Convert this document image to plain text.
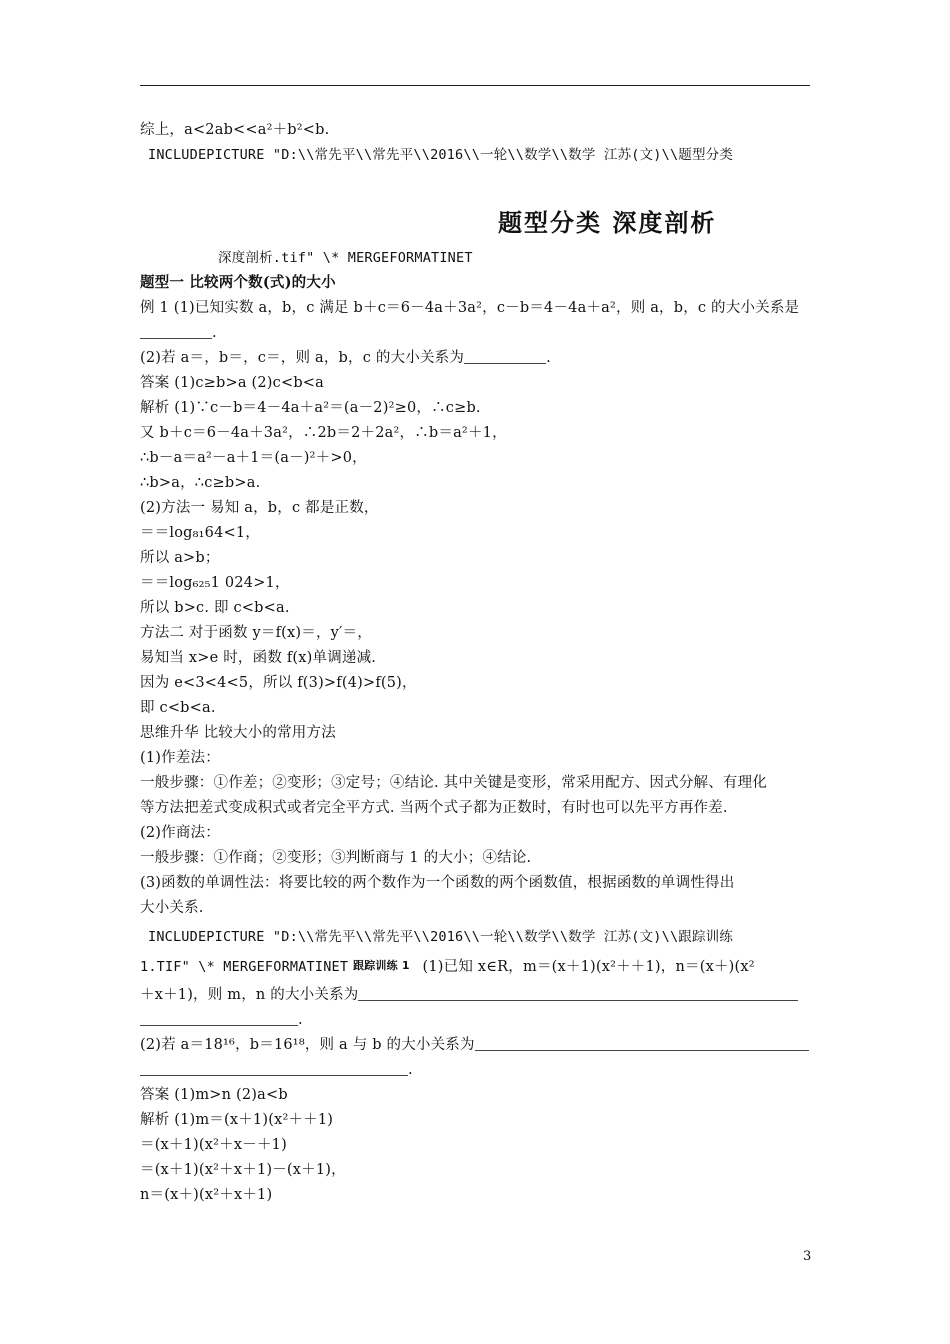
综上，a<2ab<<a²＋b²<b.
INCLUDEPICTURE "D:\\常先平\\常先平\\2016\\一轮\\数学\\数学 江苏(文)\\题型分类
题型分类 深度剖析
深度剖析.tif" \* MERGEFORMATINET
题型一 比较两个数(式)的大小
例 1 (1)已知实数 a，b，c 满足 b＋c＝6－4a＋3a²，c－b＝4－4a＋a²，则 a，b，c 的大小关系是
.
(2)若 a＝，b＝，c＝，则 a，b，c 的大小关系为	.
答案 (1)c≥b>a (2)c<b<a
解析 (1)∵c－b＝4－4a＋a²＝(a－2)²≥0，∴c≥b.
又 b＋c＝6－4a＋3a²，∴2b＝2＋2a²，∴b＝a²＋1，
∴b－a＝a²－a＋1＝(a－)²＋>0，
∴b>a，∴c≥b>a.
(2)方法一 易知 a，b，c 都是正数，
＝＝log₈₁64<1，
所以 a>b；
＝＝log₆₂₅1 024>1，
所以 b>c. 即 c<b<a.
方法二 对于函数 y＝f(x)＝，y′＝，
易知当 x>e 时，函数 f(x)单调递减.
因为 e<3<4<5，所以 f(3)>f(4)>f(5)，
即 c<b<a.
思维升华 比较大小的常用方法
(1)作差法：
一般步骤：①作差；②变形；③定号；④结论. 其中关键是变形，常采用配方、因式分解、有理化
等方法把差式变成积式或者完全平方式. 当两个式子都为正数时，有时也可以先平方再作差.
(2)作商法：
一般步骤：①作商；②变形；③判断商与 1 的大小；④结论.
(3)函数的单调性法：将要比较的两个数作为一个函数的两个函数值，根据函数的单调性得出
大小关系.
INCLUDEPICTURE "D:\\常先平\\常先平\\2016\\一轮\\数学\\数学 江苏(文)\\跟踪训练
1.TIF" \* MERGEFORMATINET 跟踪训练 1 (1)已知 x∈R，m＝(x＋1)(x²＋＋1)，n＝(x＋)(x²
＋x＋1)，则 m，n 的大小关系为
.
(2)若 a＝18¹⁶，b＝16¹⁸，则 a 与 b 的大小关系为
.
答案 (1)m>n (2)a<b
解析 (1)m＝(x＋1)(x²＋＋1)
＝(x＋1)(x²＋x－＋1)
＝(x＋1)(x²＋x＋1)－(x＋1)，
n＝(x＋)(x²＋x＋1)
3
